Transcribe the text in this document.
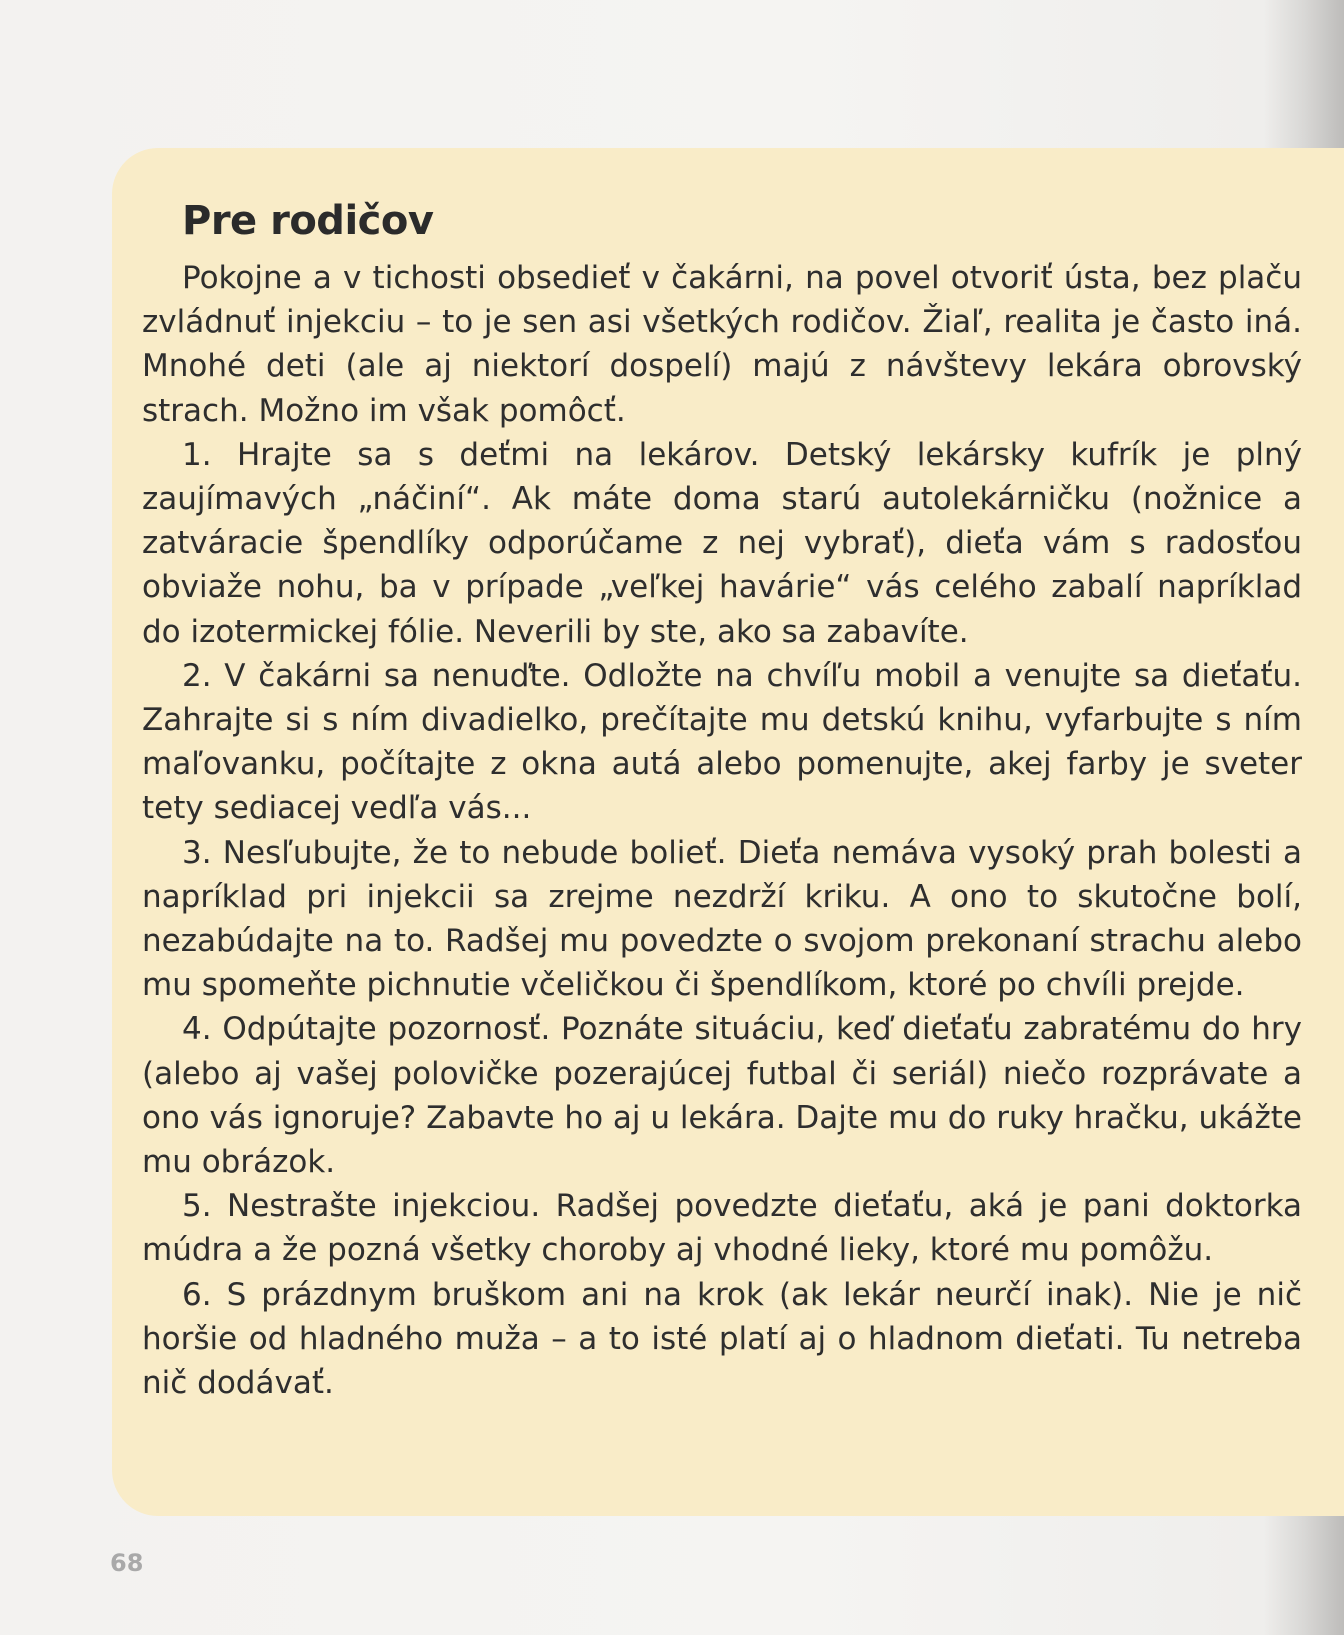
Pre rodičov

Pokojne a v tichosti obsedieť v čakárni, na povel otvoriť ústa, bez plaču zvládnuť injekciu – to je sen asi všetkých rodičov. Žiaľ, realita je často iná. Mnohé deti (ale aj niektorí dospelí) majú z návštevy lekára obrovský strach. Možno im však pomôcť.

1. Hrajte sa s deťmi na lekárov. Detský lekársky kufrík je plný zaujímavých „náčiní“. Ak máte doma starú autolekárničku (nožnice a zatváracie špendlíky odporúčame z nej vybrať), dieťa vám s radosťou obviaže nohu, ba v prípade „veľkej havárie“ vás celého zabalí napríklad do izotermickej fólie. Neverili by ste, ako sa zabavíte.

2. V čakárni sa nenuďte. Odložte na chvíľu mobil a venujte sa dieťaťu. Zahrajte si s ním divadielko, prečítajte mu detskú knihu, vyfarbujte s ním maľovanku, počítajte z okna autá alebo pomenujte, akej farby je sveter tety sediacej vedľa vás...

3. Nesľubujte, že to nebude bolieť. Dieťa nemáva vysoký prah bolesti a napríklad pri injekcii sa zrejme nezdrží kriku. A ono to skutočne bolí, nezabúdajte na to. Radšej mu povedzte o svojom prekonaní strachu alebo mu spomeňte pichnutie včeličkou či špendlíkom, ktoré po chvíli prejde.

4. Odpútajte pozornosť. Poznáte situáciu, keď dieťaťu zabratému do hry (alebo aj vašej polovičke pozerajúcej futbal či seriál) niečo rozprávate a ono vás ignoruje? Zabavte ho aj u lekára. Dajte mu do ruky hračku, ukážte mu obrázok.

5. Nestrašte injekciou. Radšej povedzte dieťaťu, aká je pani doktorka múdra a že pozná všetky choroby aj vhodné lieky, ktoré mu pomôžu.

6. S prázdnym bruškom ani na krok (ak lekár neurčí inak). Nie je nič horšie od hladného muža – a to isté platí aj o hladnom dieťati. Tu netreba nič dodávať.

68
